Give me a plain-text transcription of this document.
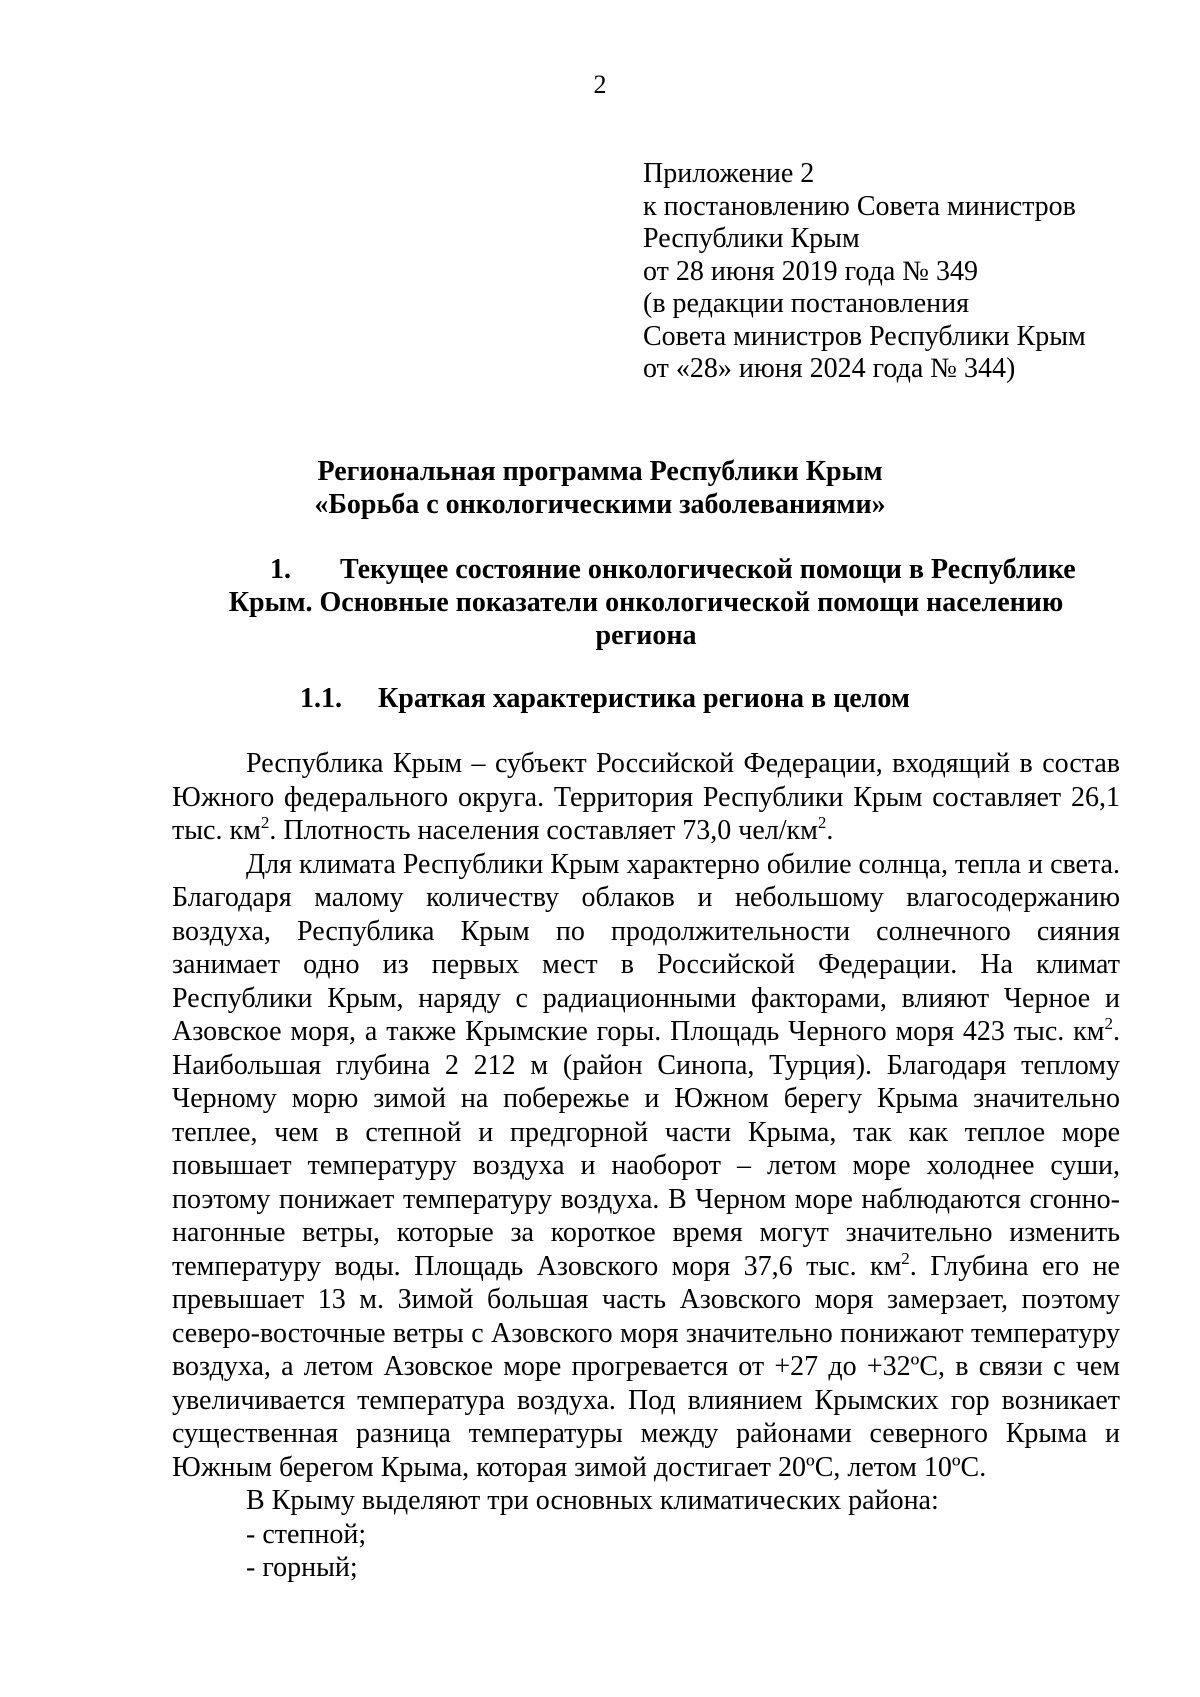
2
Приложение 2
к постановлению Совета министров
Республики Крым
от 28 июня 2019 года № 349
(в редакции постановления
Совета министров Республики Крым
от «28» июня 2024 года № 344)
Региональная программа Республики Крым
«Борьба с онкологическими заболеваниями»
1. Текущее состояние онкологической помощи в Республике
Крым. Основные показатели онкологической помощи населению
региона
1.1. Краткая характеристика региона в целом

Республика Крым – субъект Российской Федерации, входящий в состав Южного федерального округа. Территория Республики Крым составляет 26,1 тыс. $км^2$. Плотность населения составляет 73,0 чел/$км^2$.

Для климата Республики Крым характерно обилие солнца, тепла и света. Благодаря малому количеству облаков и небольшому влагосодержанию воздуха, Республика Крым по продолжительности солнечного сияния занимает одно из первых мест в Российской Федерации. На климат Республики Крым, наряду с радиационными факторами, влияют Черное и Азовское моря, а также Крымские горы. Площадь Черного моря 423 тыс. $км^2$. Наибольшая глубина 2 212 м (район Синопа, Турция). Благодаря теплому Черному морю зимой на побережье и Южном берегу Крыма значительно теплее, чем в степной и предгорной части Крыма, так как теплое море повышает температуру воздуха и наоборот – летом море холоднее суши, поэтому понижает температуру воздуха. В Черном море наблюдаются сгонно-нагонные ветры, которые за короткое время могут значительно изменить температуру воды. Площадь Азовского моря 37,6 тыс. $км^2$. Глубина его не превышает 13 м. Зимой большая часть Азовского моря замерзает, поэтому северо-восточные ветры с Азовского моря значительно понижают температуру воздуха, а летом Азовское море прогревается от +27 до +32ºС, в связи с чем увеличивается температура воздуха. Под влиянием Крымских гор возникает существенная разница температуры между районами северного Крыма и Южным берегом Крыма, которая зимой достигает 20ºС, летом 10ºС.

В Крыму выделяют три основных климатических района:
- степной;
- горный;
